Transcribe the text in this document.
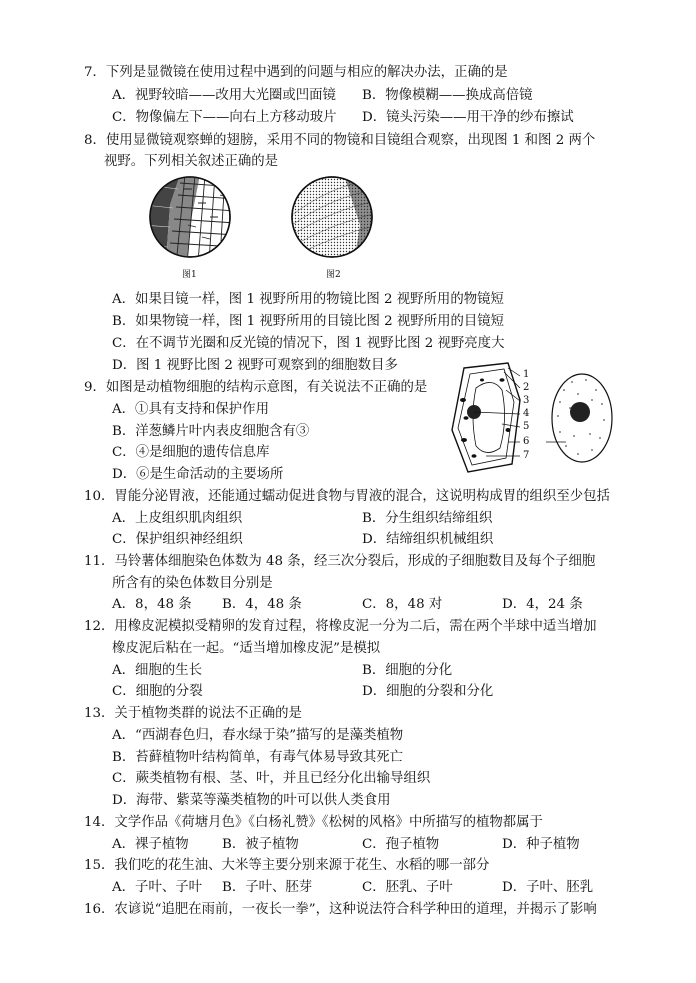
7．下列是显微镜在使用过程中遇到的问题与相应的解决办法，正确的是
A．视野较暗——改用大光圈或凹面镜 B．物像模糊——换成高倍镜
C．物像偏左下——向右上方移动玻片 D．镜头污染——用干净的纱布擦试
8．使用显微镜观察蝉的翅膀，采用不同的物镜和目镜组合观察，出现图 1 和图 2 两个
视野。下列相关叙述正确的是
图1	图2
A．如果目镜一样，图 1 视野所用的物镜比图 2 视野所用的物镜短
B．如果物镜一样，图 1 视野所用的目镜比图 2 视野所用的目镜短
C．在不调节光圈和反光镜的情况下，图 1 视野比图 2 视野亮度大
D．图 1 视野比图 2 视野可观察到的细胞数目多
9．如图是动植物细胞的结构示意图，有关说法不正确的是
A．①具有支持和保护作用
B．洋葱鳞片叶内表皮细胞含有③
C．④是细胞的遗传信息库
D．⑥是生命活动的主要场所
1
2
3
4
5
6
7
10．胃能分泌胃液，还能通过蠕动促进食物与胃液的混合，这说明构成胃的组织至少包括
A．上皮组织肌肉组织	B．分生组织结缔组织
C．保护组织神经组织	D．结缔组织机械组织
11．马铃薯体细胞染色体数为 48 条，经三次分裂后，形成的子细胞数目及每个子细胞
所含有的染色体数目分别是
A．8，48 条 B．4，48 条	C．8，48 对	D．4，24 条
12．用橡皮泥模拟受精卵的发育过程，将橡皮泥一分为二后，需在两个半球中适当增加
橡皮泥后粘在一起。“适当增加橡皮泥”是模拟
A．细胞的生长	B．细胞的分化
C．细胞的分裂	D．细胞的分裂和分化
13．关于植物类群的说法不正确的是
A．“西湖春色归，春水绿于染”描写的是藻类植物
B．苔藓植物叶结构简单，有毒气体易导致其死亡
C．蕨类植物有根、茎、叶，并且已经分化出输导组织
D．海带、紫菜等藻类植物的叶可以供人类食用
14．文学作品《荷塘月色》《白杨礼赞》《松树的风格》中所描写的植物都属于
A．裸子植物 B．被子植物	C．孢子植物	D．种子植物
15．我们吃的花生油、大米等主要分别来源于花生、水稻的哪一部分
A．子叶、子叶 B．子叶、胚芽	C．胚乳、子叶	D．子叶、胚乳
16．农谚说“追肥在雨前，一夜长一拳”，这种说法符合科学种田的道理，并揭示了影响
